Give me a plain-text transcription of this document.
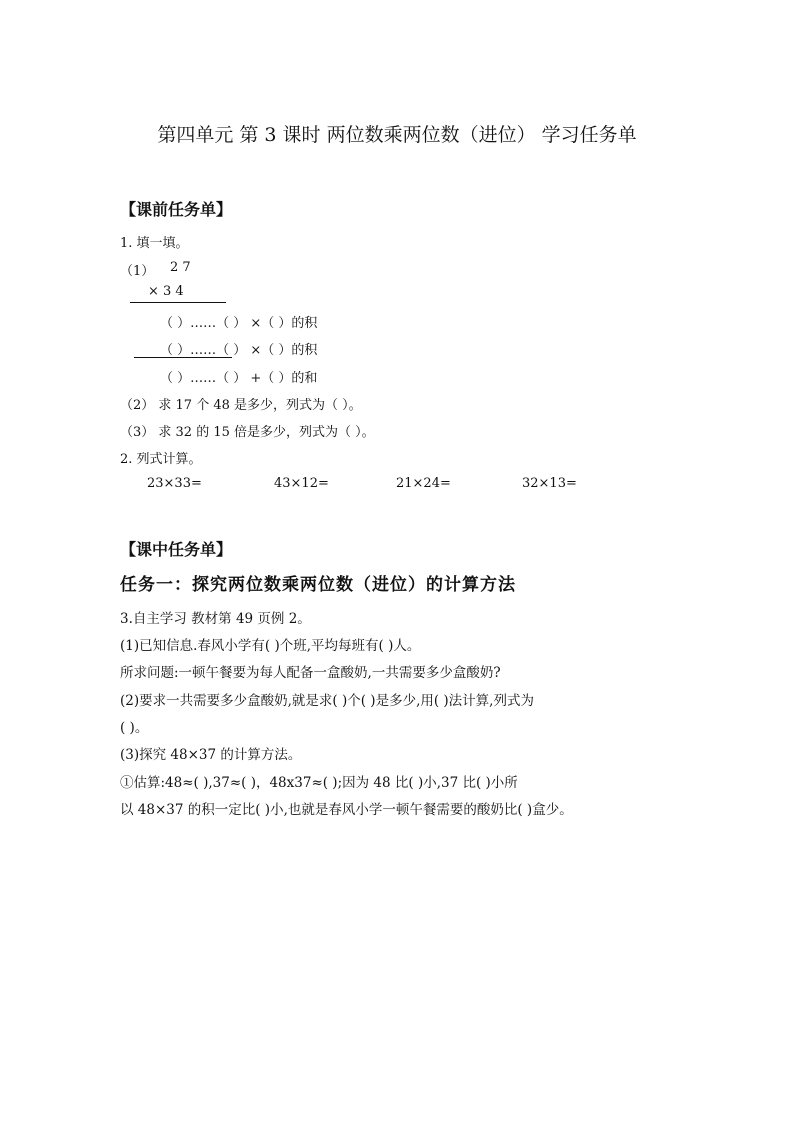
第四单元 第 3 课时 两位数乘两位数（进位） 学习任务单
【课前任务单】
1. 填一填。
（1） 2 7
× 3 4
（ ）……（ ） ×（ ）的积
（ ）……（ ） ×（ ）的积
（ ）……（ ） +（ ）的和
（2） 求 17 个 48 是多少，列式为（ ）。
（3） 求 32 的 15 倍是多少，列式为（ ）。
2. 列式计算。
23×33=	43×12=	21×24=	32×13=
【课中任务单】
任务一：探究两位数乘两位数（进位）的计算方法
3.自主学习 教材第 49 页例 2。
(1)已知信息.春风小学有( )个班,平均每班有( )人。
所求问题:一顿午餐要为每人配备一盒酸奶,一共需要多少盒酸奶?
(2)要求一共需要多少盒酸奶,就是求( )个( )是多少,用( )法计算,列式为
( )。
(3)探究 48×37 的计算方法。
①估算:48≈( ),37≈( )，48x37≈( );因为 48 比( )小,37 比( )小所
以 48×37 的积一定比( )小,也就是春风小学一顿午餐需要的酸奶比( )盒少。
